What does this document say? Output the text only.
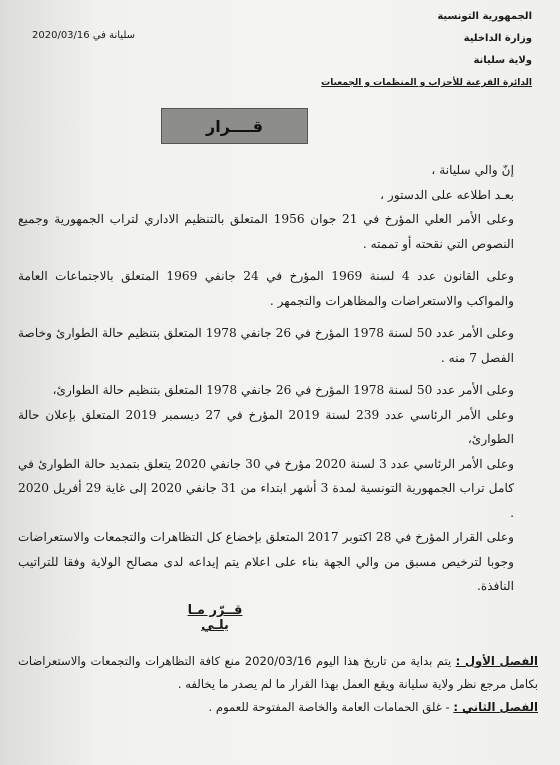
الجمهورية التونسية
وزارة الداخلية
ولاية سليانة
الدائرة الفرعية للأحزاب و المنظمات و الجمعيات
سليانة في 2020/03/16
قــــرار

إنّ والي سليانة ،

بعـد اطلاعه على الدستور ،

وعلى الأمر العلي المؤرخ في 21 جوان 1956 المتعلق بالتنظيم الاداري لتراب الجمهورية وجميع النصوص التي نقحته أو تممته .

وعلى القانون عدد 4 لسنة 1969 المؤرخ في 24 جانفي 1969 المتعلق بالاجتماعات العامة والمواكب والاستعراضات والمظاهرات والتجمهر .

وعلى الأمر عدد 50 لسنة 1978 المؤرخ في 26 جانفي 1978 المتعلق بتنظيم حالة الطوارئ وخاصة الفصل 7 منه .

وعلى الأمر عدد 50 لسنة 1978 المؤرخ في 26 جانفي 1978 المتعلق بتنظيم حالة الطوارئ،

وعلى الأمر الرئاسي عدد 239 لسنة 2019 المؤرخ في 27 ديسمبر 2019 المتعلق بإعلان حالة الطوارئ،

وعلى الأمر الرئاسي عدد 3 لسنة 2020 مؤرخ في 30 جانفي 2020 يتعلق بتمديد حالة الطوارئ في كامل تراب الجمهورية التونسية لمدة 3 أشهر ابتداء من 31 جانفي 2020 إلى غاية 29 أفريل 2020 .

وعلى القرار المؤرخ في 28 اكتوبر 2017 المتعلق بإخضاع كل التظاهرات والتجمعات والاستعراضات وجوبا لترخيص مسبق من والي الجهة بناء على اعلام يتم إيداعه لدى مصالح الولاية وفقا للتراتيب النافذة.

قــرّر مـا يلـي

الفصل الأول : يتم بداية من تاريخ هذا اليوم 2020/03/16 منع كافة التظاهرات والتجمعات والاستعراضات بكامل مرجع نظر ولاية سليانة ويقع العمل بهذا القرار ما لم يصدر ما يخالفه .

الفصل الثاني : - غلق الحمامات العامة والخاصة المفتوحة للعموم .
